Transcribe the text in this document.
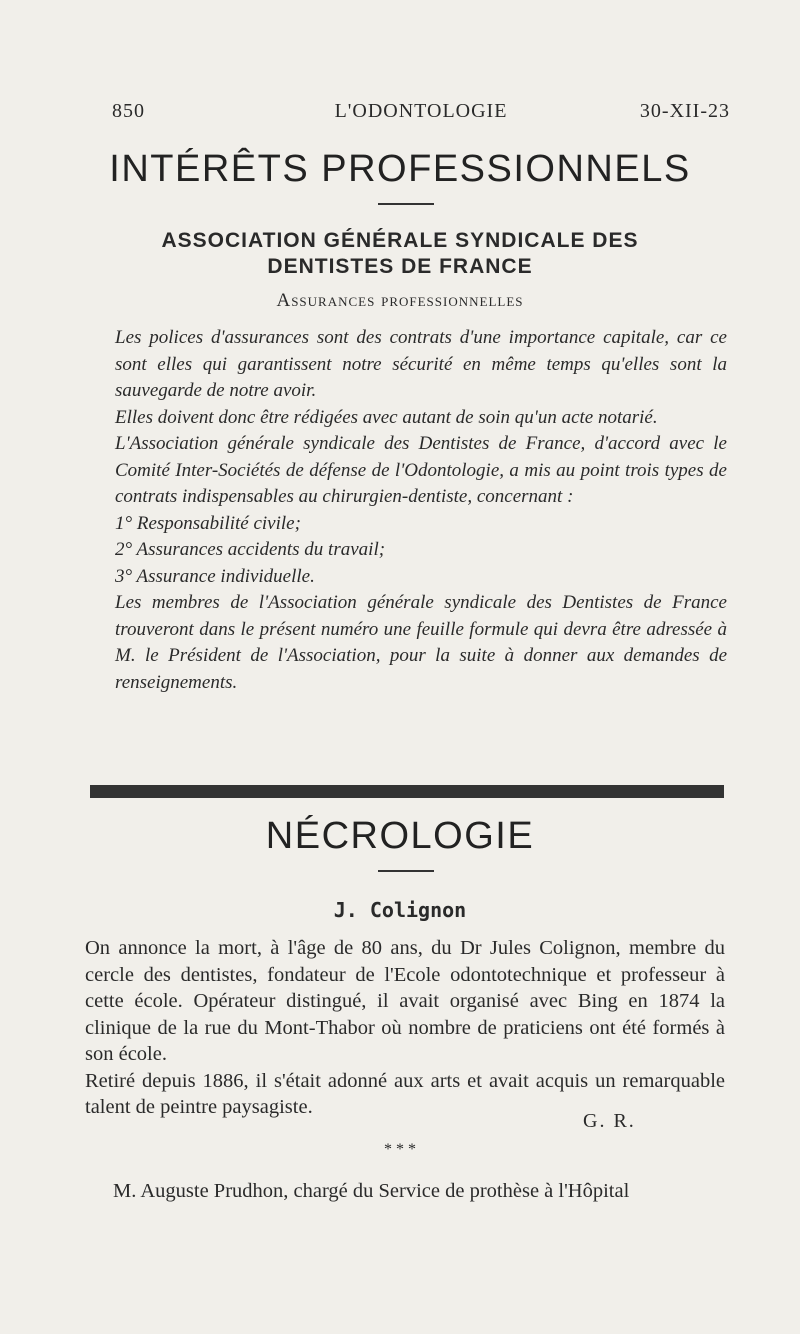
850	L'ODONTOLOGIE	30-XII-23
INTÉRÊTS PROFESSIONNELS
ASSOCIATION GÉNÉRALE SYNDICALE DES
DENTISTES DE FRANCE
Assurances professionnelles

Les polices d'assurances sont des contrats d'une importance capitale, car ce sont elles qui garantissent notre sécurité en même temps qu'elles sont la sauvegarde de notre avoir.

Elles doivent donc être rédigées avec autant de soin qu'un acte notarié.

L'Association générale syndicale des Dentistes de France, d'accord avec le Comité Inter-Sociétés de défense de l'Odontologie, a mis au point trois types de contrats indispensables au chirurgien-dentiste, concernant :

1° Responsabilité civile;

2° Assurances accidents du travail;

3° Assurance individuelle.

Les membres de l'Association générale syndicale des Dentistes de France trouveront dans le présent numéro une feuille formule qui devra être adressée à M. le Président de l'Association, pour la suite à donner aux demandes de renseignements.

NÉCROLOGIE
J. Colignon

On annonce la mort, à l'âge de 80 ans, du Dr Jules Colignon, membre du cercle des dentistes, fondateur de l'Ecole odontotechnique et professeur à cette école. Opérateur distingué, il avait organisé avec Bing en 1874 la clinique de la rue du Mont-Thabor où nombre de praticiens ont été formés à son école.

Retiré depuis 1886, il s'était adonné aux arts et avait acquis un remarquable talent de peintre paysagiste.

G. R.
* * *
M. Auguste Prudhon, chargé du Service de prothèse à l'Hôpital
